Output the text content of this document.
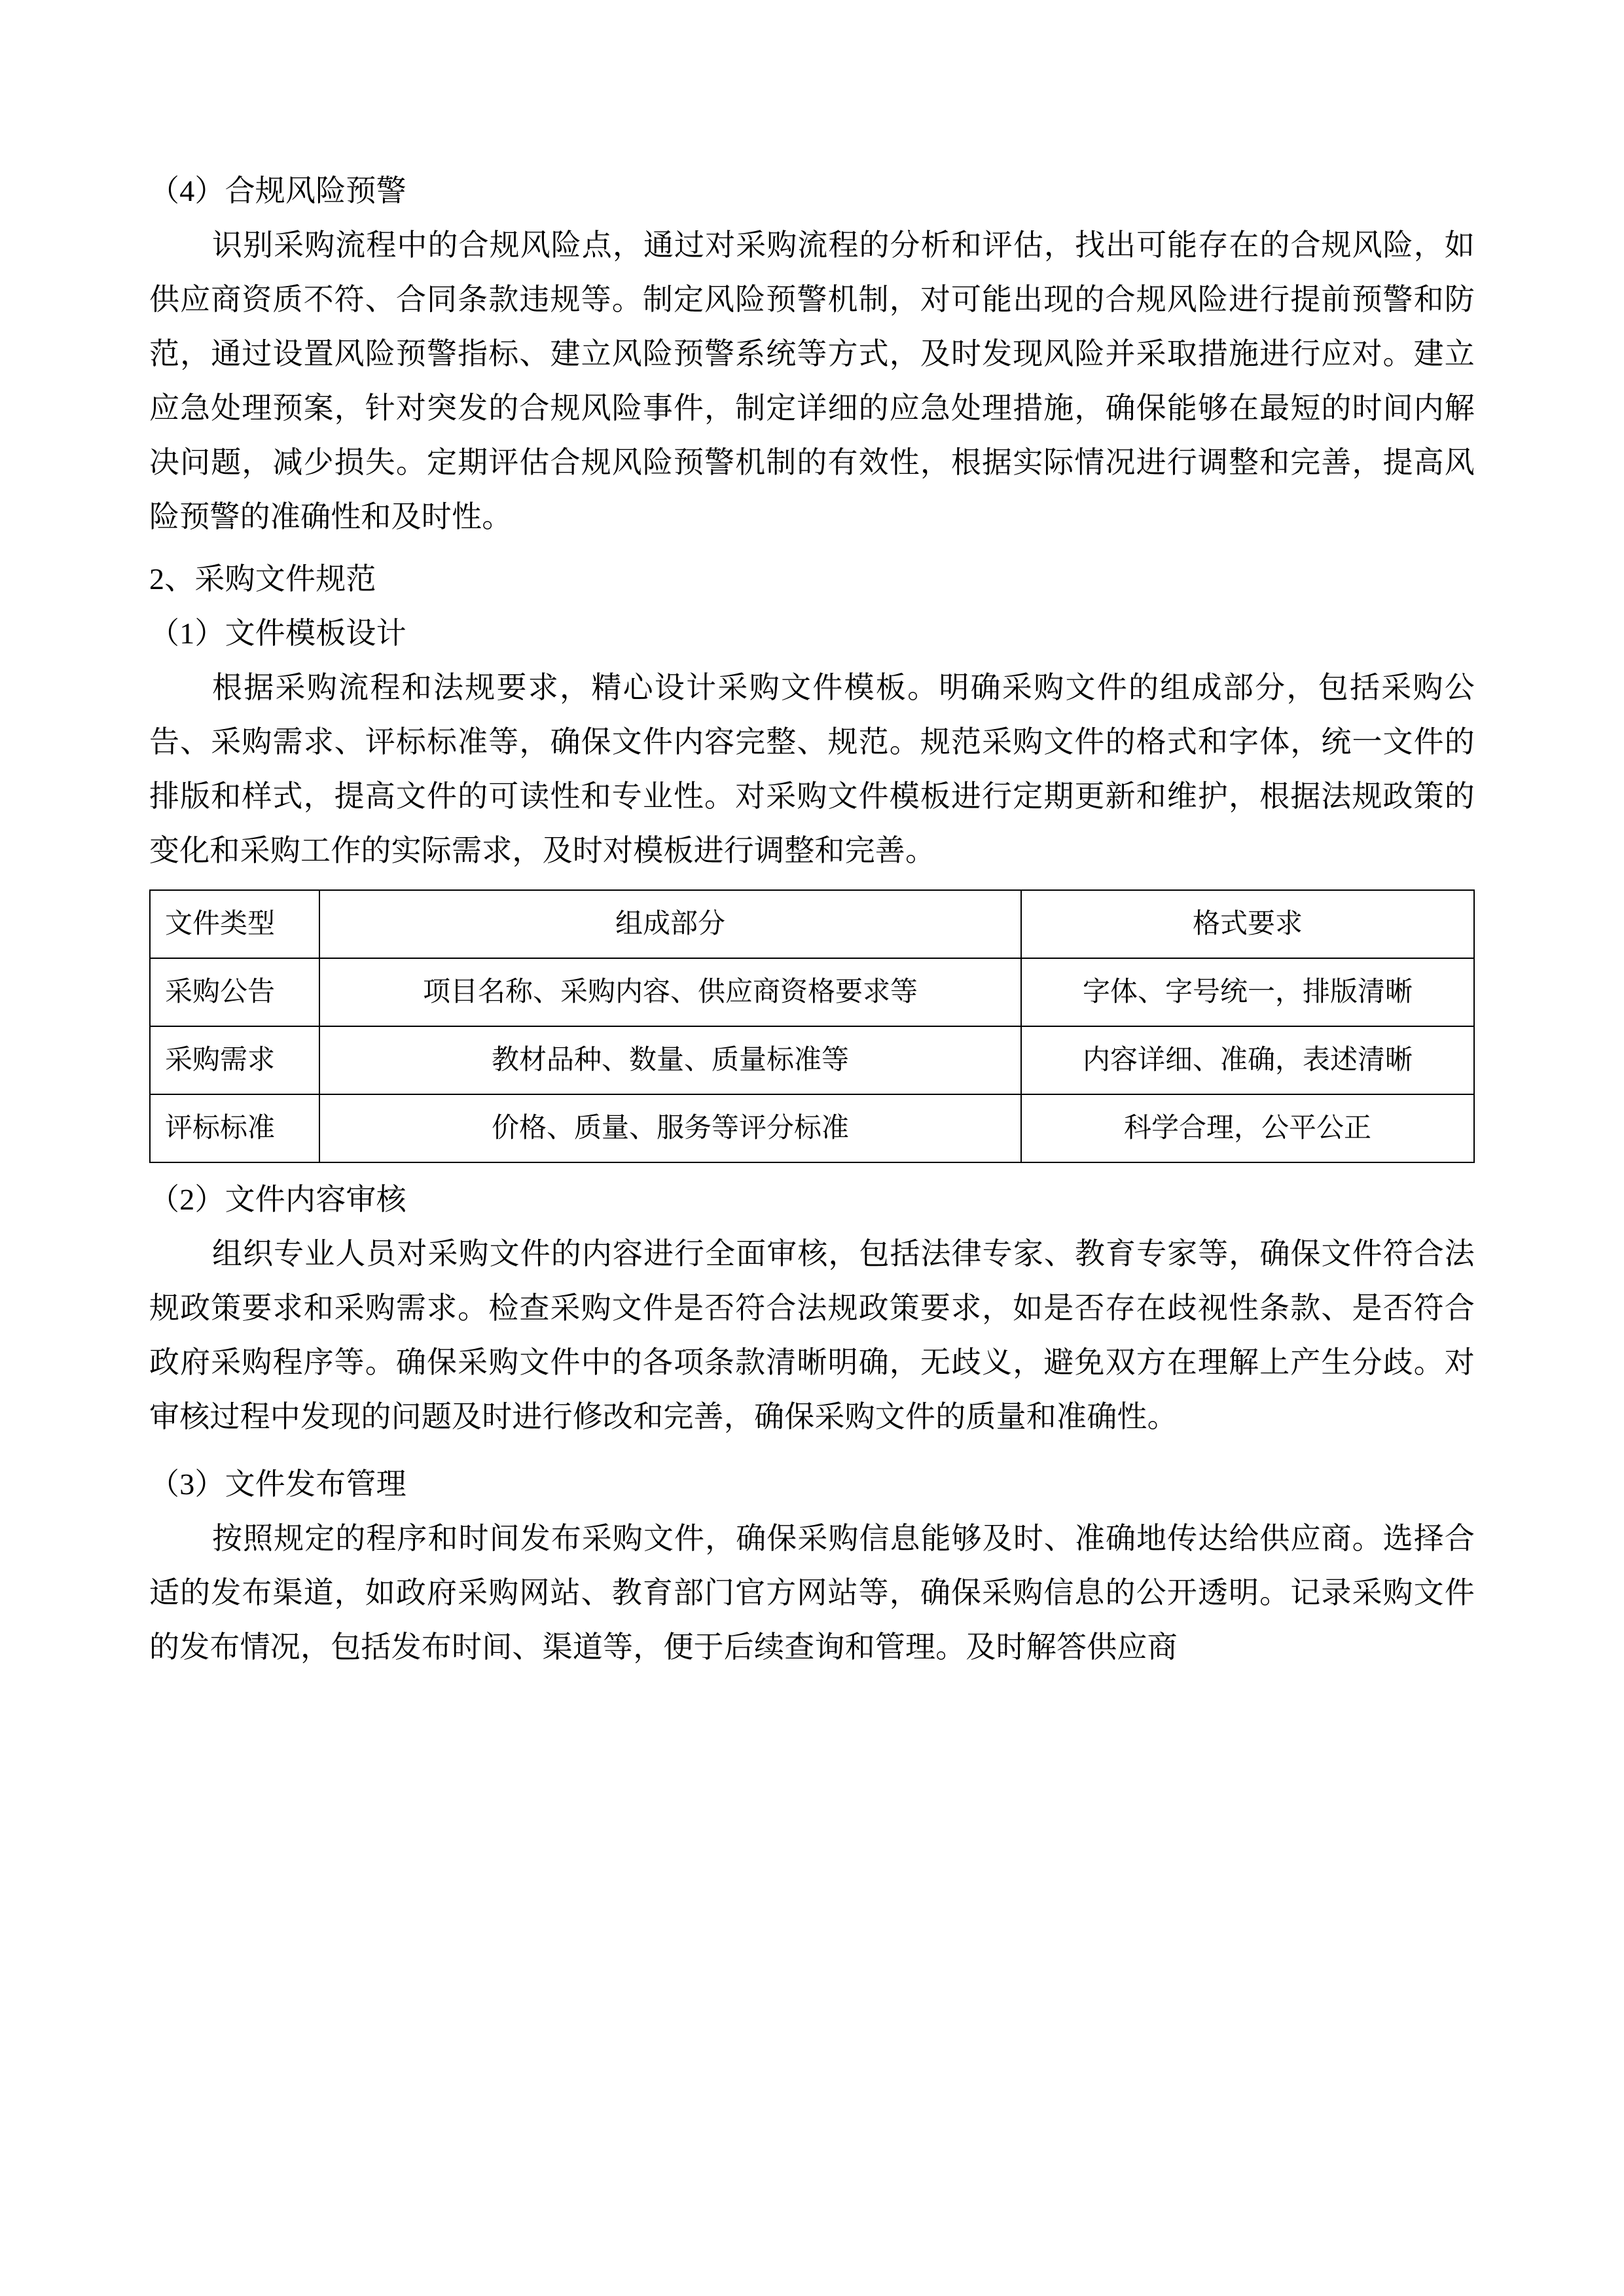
（4）合规风险预警

识别采购流程中的合规风险点，通过对采购流程的分析和评估，找出可能存在的合规风险，如供应商资质不符、合同条款违规等。制定风险预警机制，对可能出现的合规风险进行提前预警和防范，通过设置风险预警指标、建立风险预警系统等方式，及时发现风险并采取措施进行应对。建立应急处理预案，针对突发的合规风险事件，制定详细的应急处理措施，确保能够在最短的时间内解决问题，减少损失。定期评估合规风险预警机制的有效性，根据实际情况进行调整和完善，提高风险预警的准确性和及时性。

2、采购文件规范

（1）文件模板设计

根据采购流程和法规要求，精心设计采购文件模板。明确采购文件的组成部分，包括采购公告、采购需求、评标标准等，确保文件内容完整、规范。规范采购文件的格式和字体，统一文件的排版和样式，提高文件的可读性和专业性。对采购文件模板进行定期更新和维护，根据法规政策的变化和采购工作的实际需求，及时对模板进行调整和完善。

文件类型	组成部分	格式要求
采购公告	项目名称、采购内容、供应商资格要求等	字体、字号统一，排版清晰
采购需求	教材品种、数量、质量标准等	内容详细、准确，表述清晰
评标标准	价格、质量、服务等评分标准	科学合理，公平公正

（2）文件内容审核

组织专业人员对采购文件的内容进行全面审核，包括法律专家、教育专家等，确保文件符合法规政策要求和采购需求。检查采购文件是否符合法规政策要求，如是否存在歧视性条款、是否符合政府采购程序等。确保采购文件中的各项条款清晰明确，无歧义，避免双方在理解上产生分歧。对审核过程中发现的问题及时进行修改和完善，确保采购文件的质量和准确性。

（3）文件发布管理

按照规定的程序和时间发布采购文件，确保采购信息能够及时、准确地传达给供应商。选择合适的发布渠道，如政府采购网站、教育部门官方网站等，确保采购信息的公开透明。记录采购文件的发布情况，包括发布时间、渠道等，便于后续查询和管理。及时解答供应商
